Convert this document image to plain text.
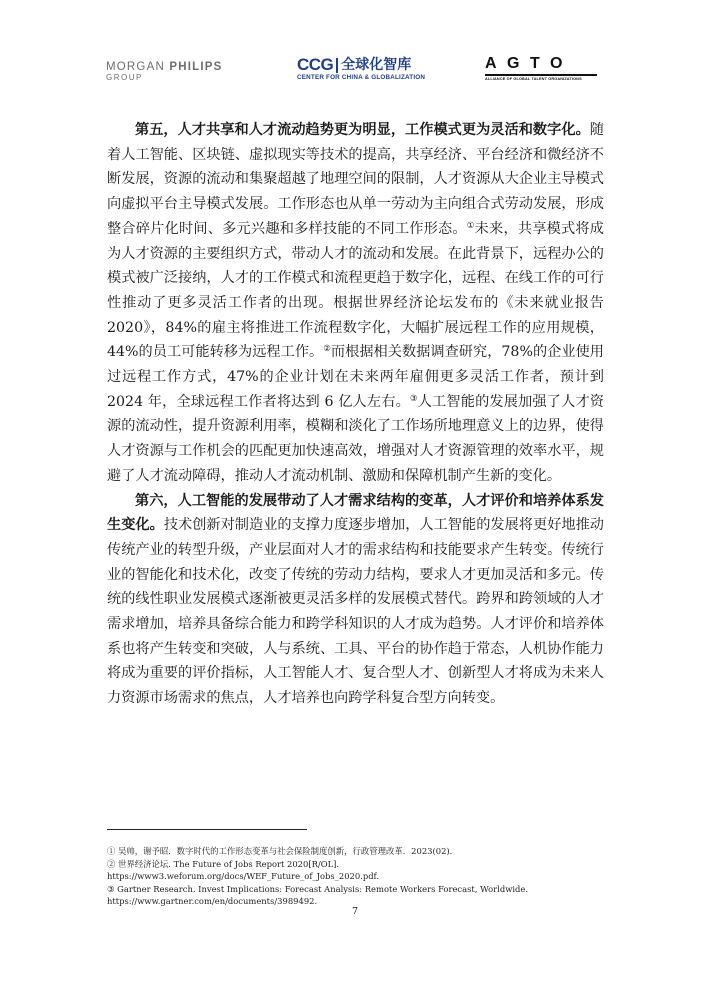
MORGAN PHILIPS
GROUP
CCG 全球化智库
CENTER FOR CHINA & GLOBALIZATION
AGTO
ALLIANCE OF GLOBAL TALENT ORGANIZATIONS

第五，人才共享和人才流动趋势更为明显，工作模式更为灵活和数字化。随着人工智能、区块链、虚拟现实等技术的提高，共享经济、平台经济和微经济不断发展，资源的流动和集聚超越了地理空间的限制，人才资源从大企业主导模式向虚拟平台主导模式发展。工作形态也从单一劳动为主向组合式劳动发展，形成整合碎片化时间、多元兴趣和多样技能的不同工作形态。①未来，共享模式将成为人才资源的主要组织方式，带动人才的流动和发展。在此背景下，远程办公的模式被广泛接纳，人才的工作模式和流程更趋于数字化，远程、在线工作的可行性推动了更多灵活工作者的出现。根据世界经济论坛发布的《未来就业报告2020》，84%的雇主将推进工作流程数字化，大幅扩展远程工作的应用规模，44%的员工可能转移为远程工作。②而根据相关数据调查研究，78%的企业使用过远程工作方式，47%的企业计划在未来两年雇佣更多灵活工作者，预计到 2024 年，全球远程工作者将达到 6 亿人左右。③人工智能的发展加强了人才资源的流动性，提升资源利用率，模糊和淡化了工作场所地理意义上的边界，使得人才资源与工作机会的匹配更加快速高效，增强对人才资源管理的效率水平，规避了人才流动障碍，推动人才流动机制、激励和保障机制产生新的变化。

第六，人工智能的发展带动了人才需求结构的变革，人才评价和培养体系发生变化。技术创新对制造业的支撑力度逐步增加，人工智能的发展将更好地推动传统产业的转型升级，产业层面对人才的需求结构和技能要求产生转变。传统行业的智能化和技术化，改变了传统的劳动力结构，要求人才更加灵活和多元。传统的线性职业发展模式逐渐被更灵活多样的发展模式替代。跨界和跨领域的人才需求增加，培养具备综合能力和跨学科知识的人才成为趋势。人才评价和培养体系也将产生转变和突破，人与系统、工具、平台的协作趋于常态，人机协作能力将成为重要的评价指标，人工智能人才、复合型人才、创新型人才将成为未来人力资源市场需求的焦点，人才培养也向跨学科复合型方向转变。

① 吴帅，谢予昭．数字时代的工作形态变革与社会保险制度创新，行政管理改革．2023(02)．

② 世界经济论坛. The Future of Jobs Report 2020[R/OL].

https://www3.weforum.org/docs/WEF_Future_of_Jobs_2020.pdf.

③ Gartner Research. Invest Implications: Forecast Analysis: Remote Workers Forecast, Worldwide.

https://www.gartner.com/en/documents/3989492.

7
